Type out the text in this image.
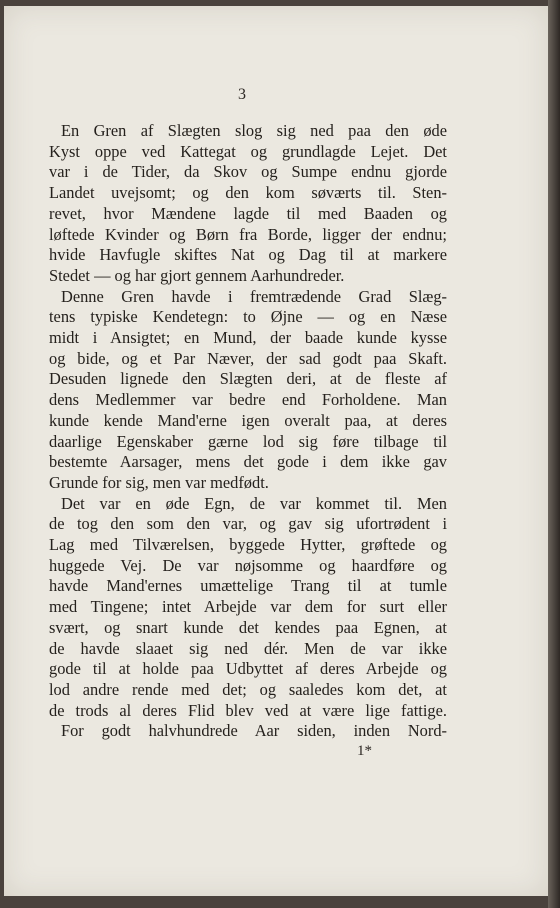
3
En Gren af Slægten slog sig ned paa den øde
Kyst oppe ved Kattegat og grundlagde Lejet. Det
var i de Tider, da Skov og Sumpe endnu gjorde
Landet uvejsomt; og den kom søværts til. Sten-
revet, hvor Mændene lagde til med Baaden og
løftede Kvinder og Børn fra Borde, ligger der endnu;
hvide Havfugle skiftes Nat og Dag til at markere
Stedet — og har gjort gennem Aarhundreder.
Denne Gren havde i fremtrædende Grad Slæg-
tens typiske Kendetegn: to Øjne — og en Næse
midt i Ansigtet; en Mund, der baade kunde kysse
og bide, og et Par Næver, der sad godt paa Skaft.
Desuden lignede den Slægten deri, at de fleste af
dens Medlemmer var bedre end Forholdene. Man
kunde kende Mand'erne igen overalt paa, at deres
daarlige Egenskaber gærne lod sig føre tilbage til
bestemte Aarsager, mens det gode i dem ikke gav
Grunde for sig, men var medfødt.
Det var en øde Egn, de var kommet til. Men
de tog den som den var, og gav sig ufortrødent i
Lag med Tilværelsen, byggede Hytter, grøftede og
huggede Vej. De var nøjsomme og haardføre og
havde Mand'ernes umættelige Trang til at tumle
med Tingene; intet Arbejde var dem for surt eller
svært, og snart kunde det kendes paa Egnen, at
de havde slaaet sig ned dér. Men de var ikke
gode til at holde paa Udbyttet af deres Arbejde og
lod andre rende med det; og saaledes kom det, at
de trods al deres Flid blev ved at være lige fattige.
For godt halvhundrede Aar siden, inden Nord-
1*
